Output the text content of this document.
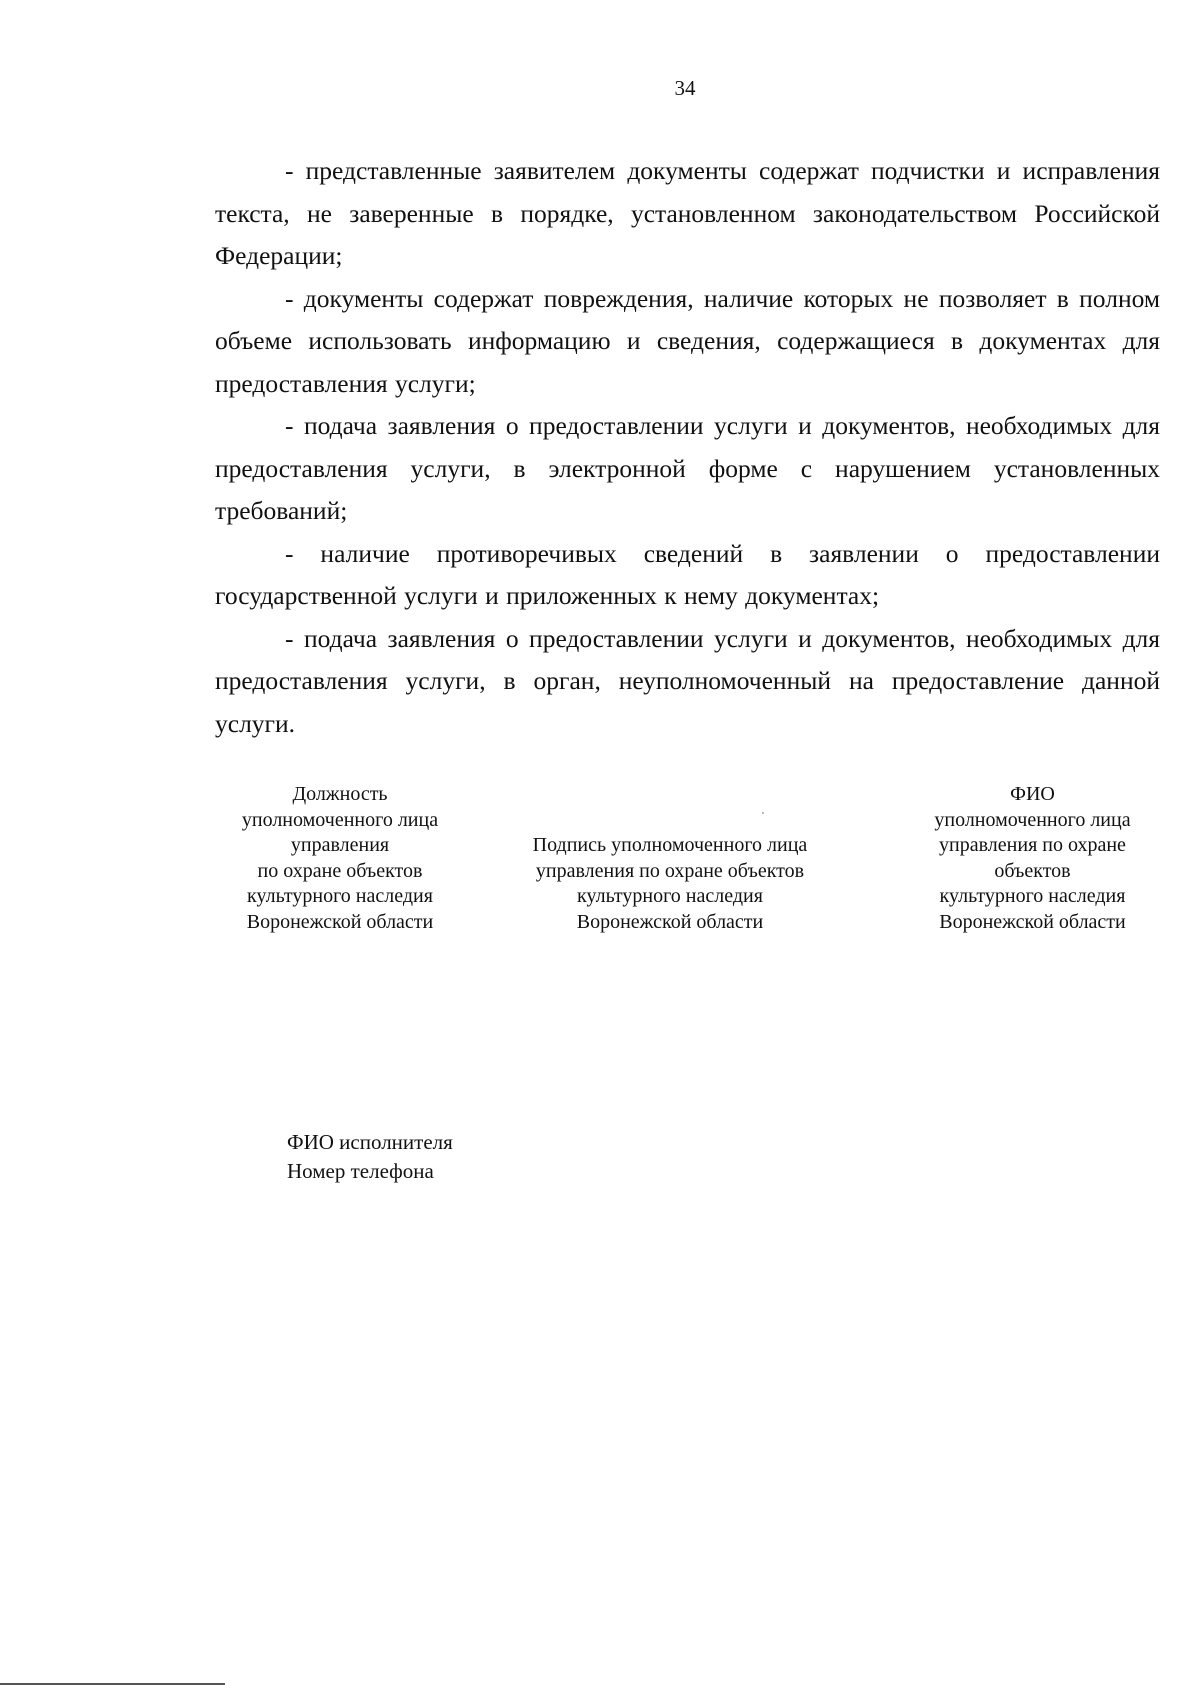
34

- представленные заявителем документы содержат подчистки и исправления текста, не заверенные в порядке, установленном законодательством Российской Федерации;

- документы содержат повреждения, наличие которых не позволяет в полном объеме использовать информацию и сведения, содержащиеся в документах для предоставления услуги;

- подача заявления о предоставлении услуги и документов, необходимых для предоставления услуги, в электронной форме с нарушением установленных требований;

- наличие противоречивых сведений в заявлении о предоставлении государственной услуги и приложенных к нему документах;

- подача заявления о предоставлении услуги и документов, необходимых для предоставления услуги, в орган, неуполномоченный на предоставление данной услуги.

Должность
уполномоченного лица
управления
по охране объектов
культурного наследия
Воронежской области
Подпись уполномоченного лица
управления по охране объектов
культурного наследия
Воронежской области
ФИО
уполномоченного лица
управления по охране
объектов
культурного наследия
Воронежской области
ФИО исполнителя
Номер телефона
